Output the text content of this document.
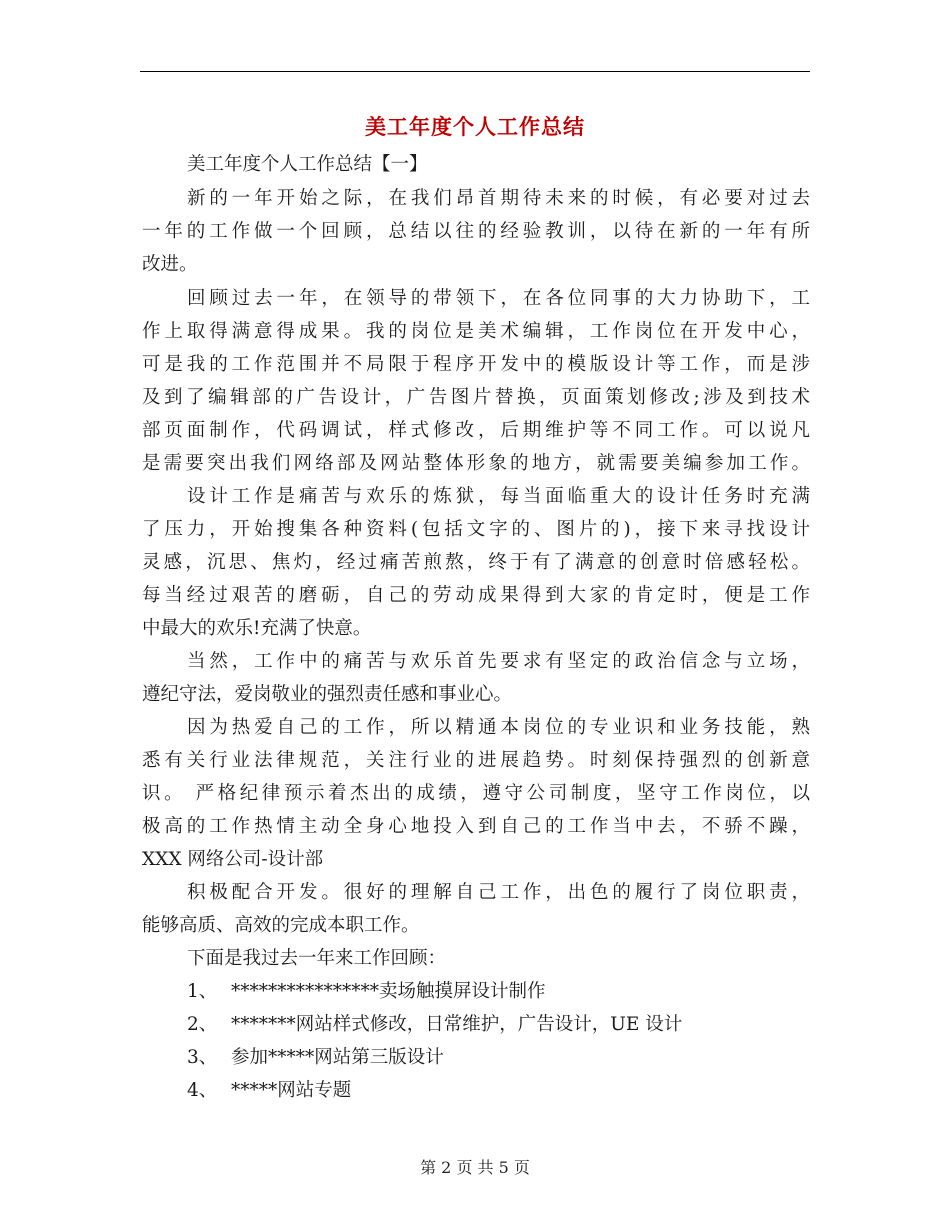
美工年度个人工作总结
美工年度个人工作总结【一】
新的一年开始之际，在我们昂首期待未来的时候，有必要对过去
一年的工作做一个回顾，总结以往的经验教训，以待在新的一年有所
改进。
回顾过去一年，在领导的带领下，在各位同事的大力协助下，工
作上取得满意得成果。我的岗位是美术编辑，工作岗位在开发中心，
可是我的工作范围并不局限于程序开发中的模版设计等工作，而是涉
及到了编辑部的广告设计，广告图片替换，页面策划修改;涉及到技术
部页面制作，代码调试，样式修改，后期维护等不同工作。可以说凡
是需要突出我们网络部及网站整体形象的地方，就需要美编参加工作。
设计工作是痛苦与欢乐的炼狱，每当面临重大的设计任务时充满
了压力，开始搜集各种资料(包括文字的、图片的)，接下来寻找设计
灵感，沉思、焦灼，经过痛苦煎熬，终于有了满意的创意时倍感轻松。
每当经过艰苦的磨砺，自己的劳动成果得到大家的肯定时，便是工作
中最大的欢乐!充满了快意。
当然，工作中的痛苦与欢乐首先要求有坚定的政治信念与立场，
遵纪守法，爱岗敬业的强烈责任感和事业心。
因为热爱自己的工作，所以精通本岗位的专业识和业务技能，熟
悉有关行业法律规范，关注行业的进展趋势。时刻保持强烈的创新意
识。 严格纪律预示着杰出的成绩，遵守公司制度，坚守工作岗位，以
极高的工作热情主动全身心地投入到自己的工作当中去，不骄不躁，
XXX 网络公司-设计部
积极配合开发。很好的理解自己工作，出色的履行了岗位职责，
能够高质、高效的完成本职工作。
下面是我过去一年来工作回顾：
1、 ****************卖场触摸屏设计制作
2、 *******网站样式修改，日常维护，广告设计，UE 设计
3、 参加*****网站第三版设计
4、 *****网站专题
第 2 页 共 5 页
